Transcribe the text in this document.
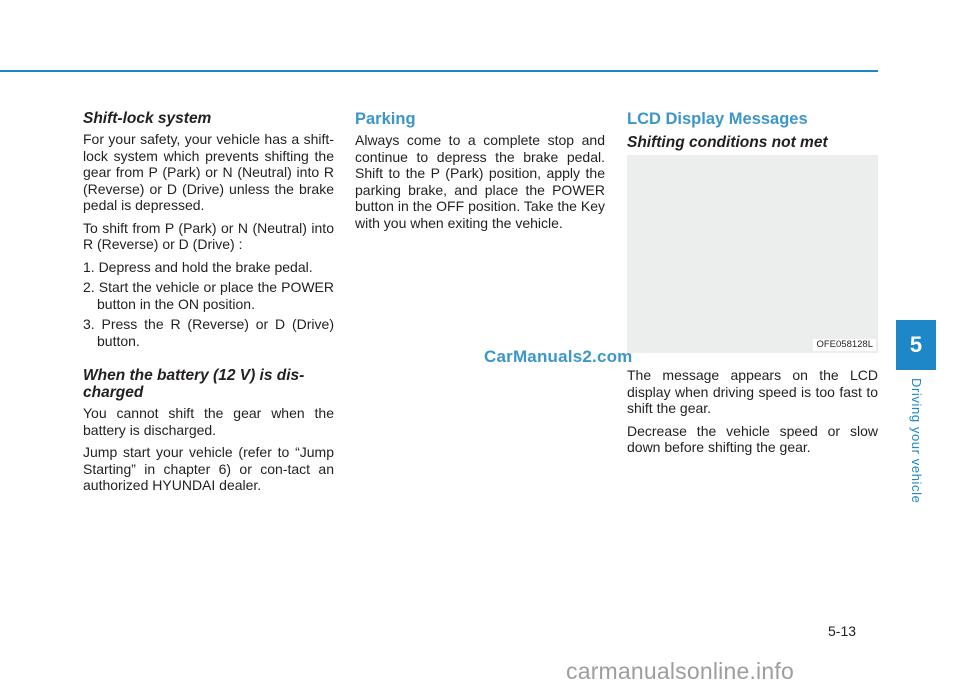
Shift-lock system

For your safety, your vehicle has a shift-lock system which prevents shifting the gear from P (Park) or N (Neutral) into R (Reverse) or D (Drive) unless the brake pedal is depressed.

To shift from P (Park) or N (Neutral) into R (Reverse) or D (Drive) :

1. Depress and hold the brake pedal.
2. Start the vehicle or place the POWER button in the ON position.
3. Press the R (Reverse) or D (Drive) button.
When the battery (12 V) is dis-charged

You cannot shift the gear when the battery is discharged.

Jump start your vehicle (refer to “Jump Starting” in chapter 6) or con-tact an authorized HYUNDAI dealer.

Parking

Always come to a complete stop and continue to depress the brake pedal. Shift to the P (Park) position, apply the parking brake, and place the POWER button in the OFF position. Take the Key with you when exiting the vehicle.

LCD Display Messages
Shifting conditions not met
OFE058128L

The message appears on the LCD display when driving speed is too fast to shift the gear.

Decrease the vehicle speed or slow down before shifting the gear.

CarManuals2.com	5
Driving your vehicle
5-13
carmanualsonline.info
